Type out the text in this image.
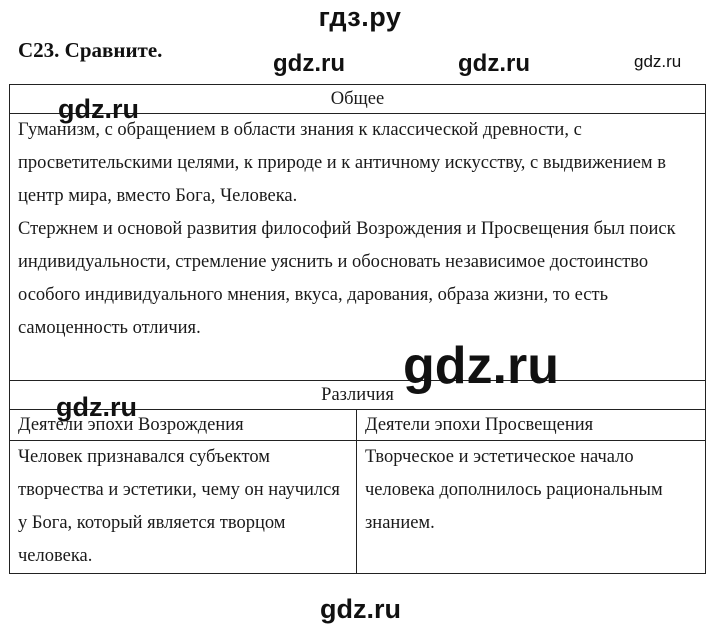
гдз.ру
С23. Сравните.
Общее	

Гуманизм, с обращением в области знания к классической древности, с просветительскими целями, к природе и к античному искусству, с выдвижением в центр мира, вместо Бога, Человека.

Стержнем и основой развития философий Возрождения и Просвещения был поиск индивидуальности, стремление уяснить и обосновать независимое достоинство особого индивидуального мнения, вкуса, дарования, образа жизни, то есть самоценность отличия.	

Различия	
Деятели эпохи Возрождения	Деятели эпохи Просвещения
Человек признавался субъектом творчества и эстетики, чему он научился у Бога, который является творцом человека.	Творческое и эстетическое начало человека дополнилось рациональным знанием.
gdz.ru	gdz.ru	gdz.ru
gdz.ru
gdz.ru
gdz.ru
gdz.ru
